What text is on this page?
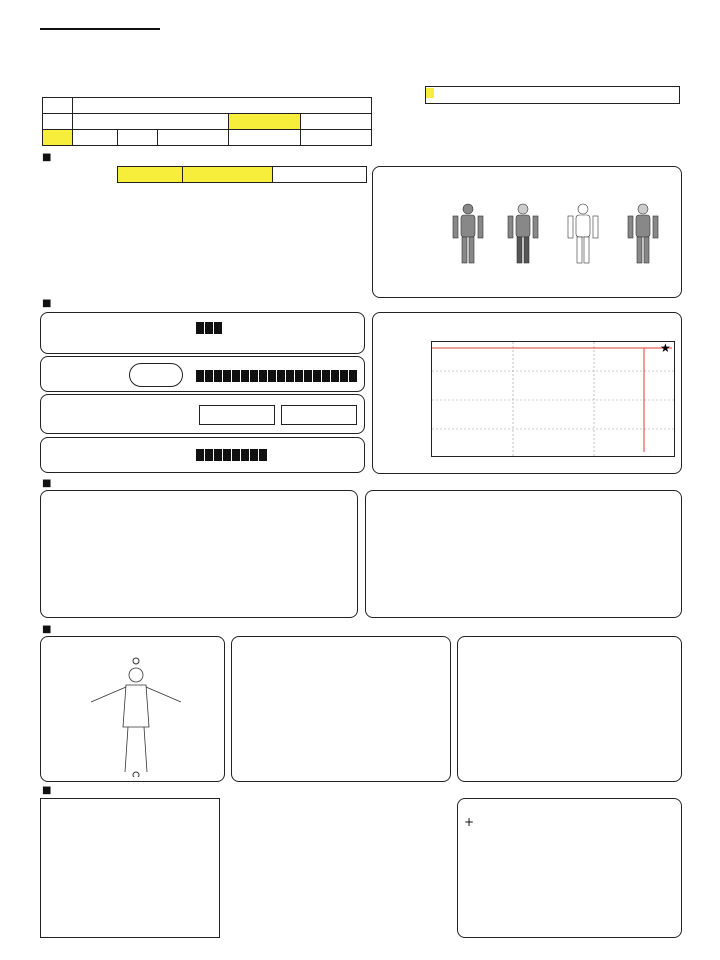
■

■
★
■
■
■
+
